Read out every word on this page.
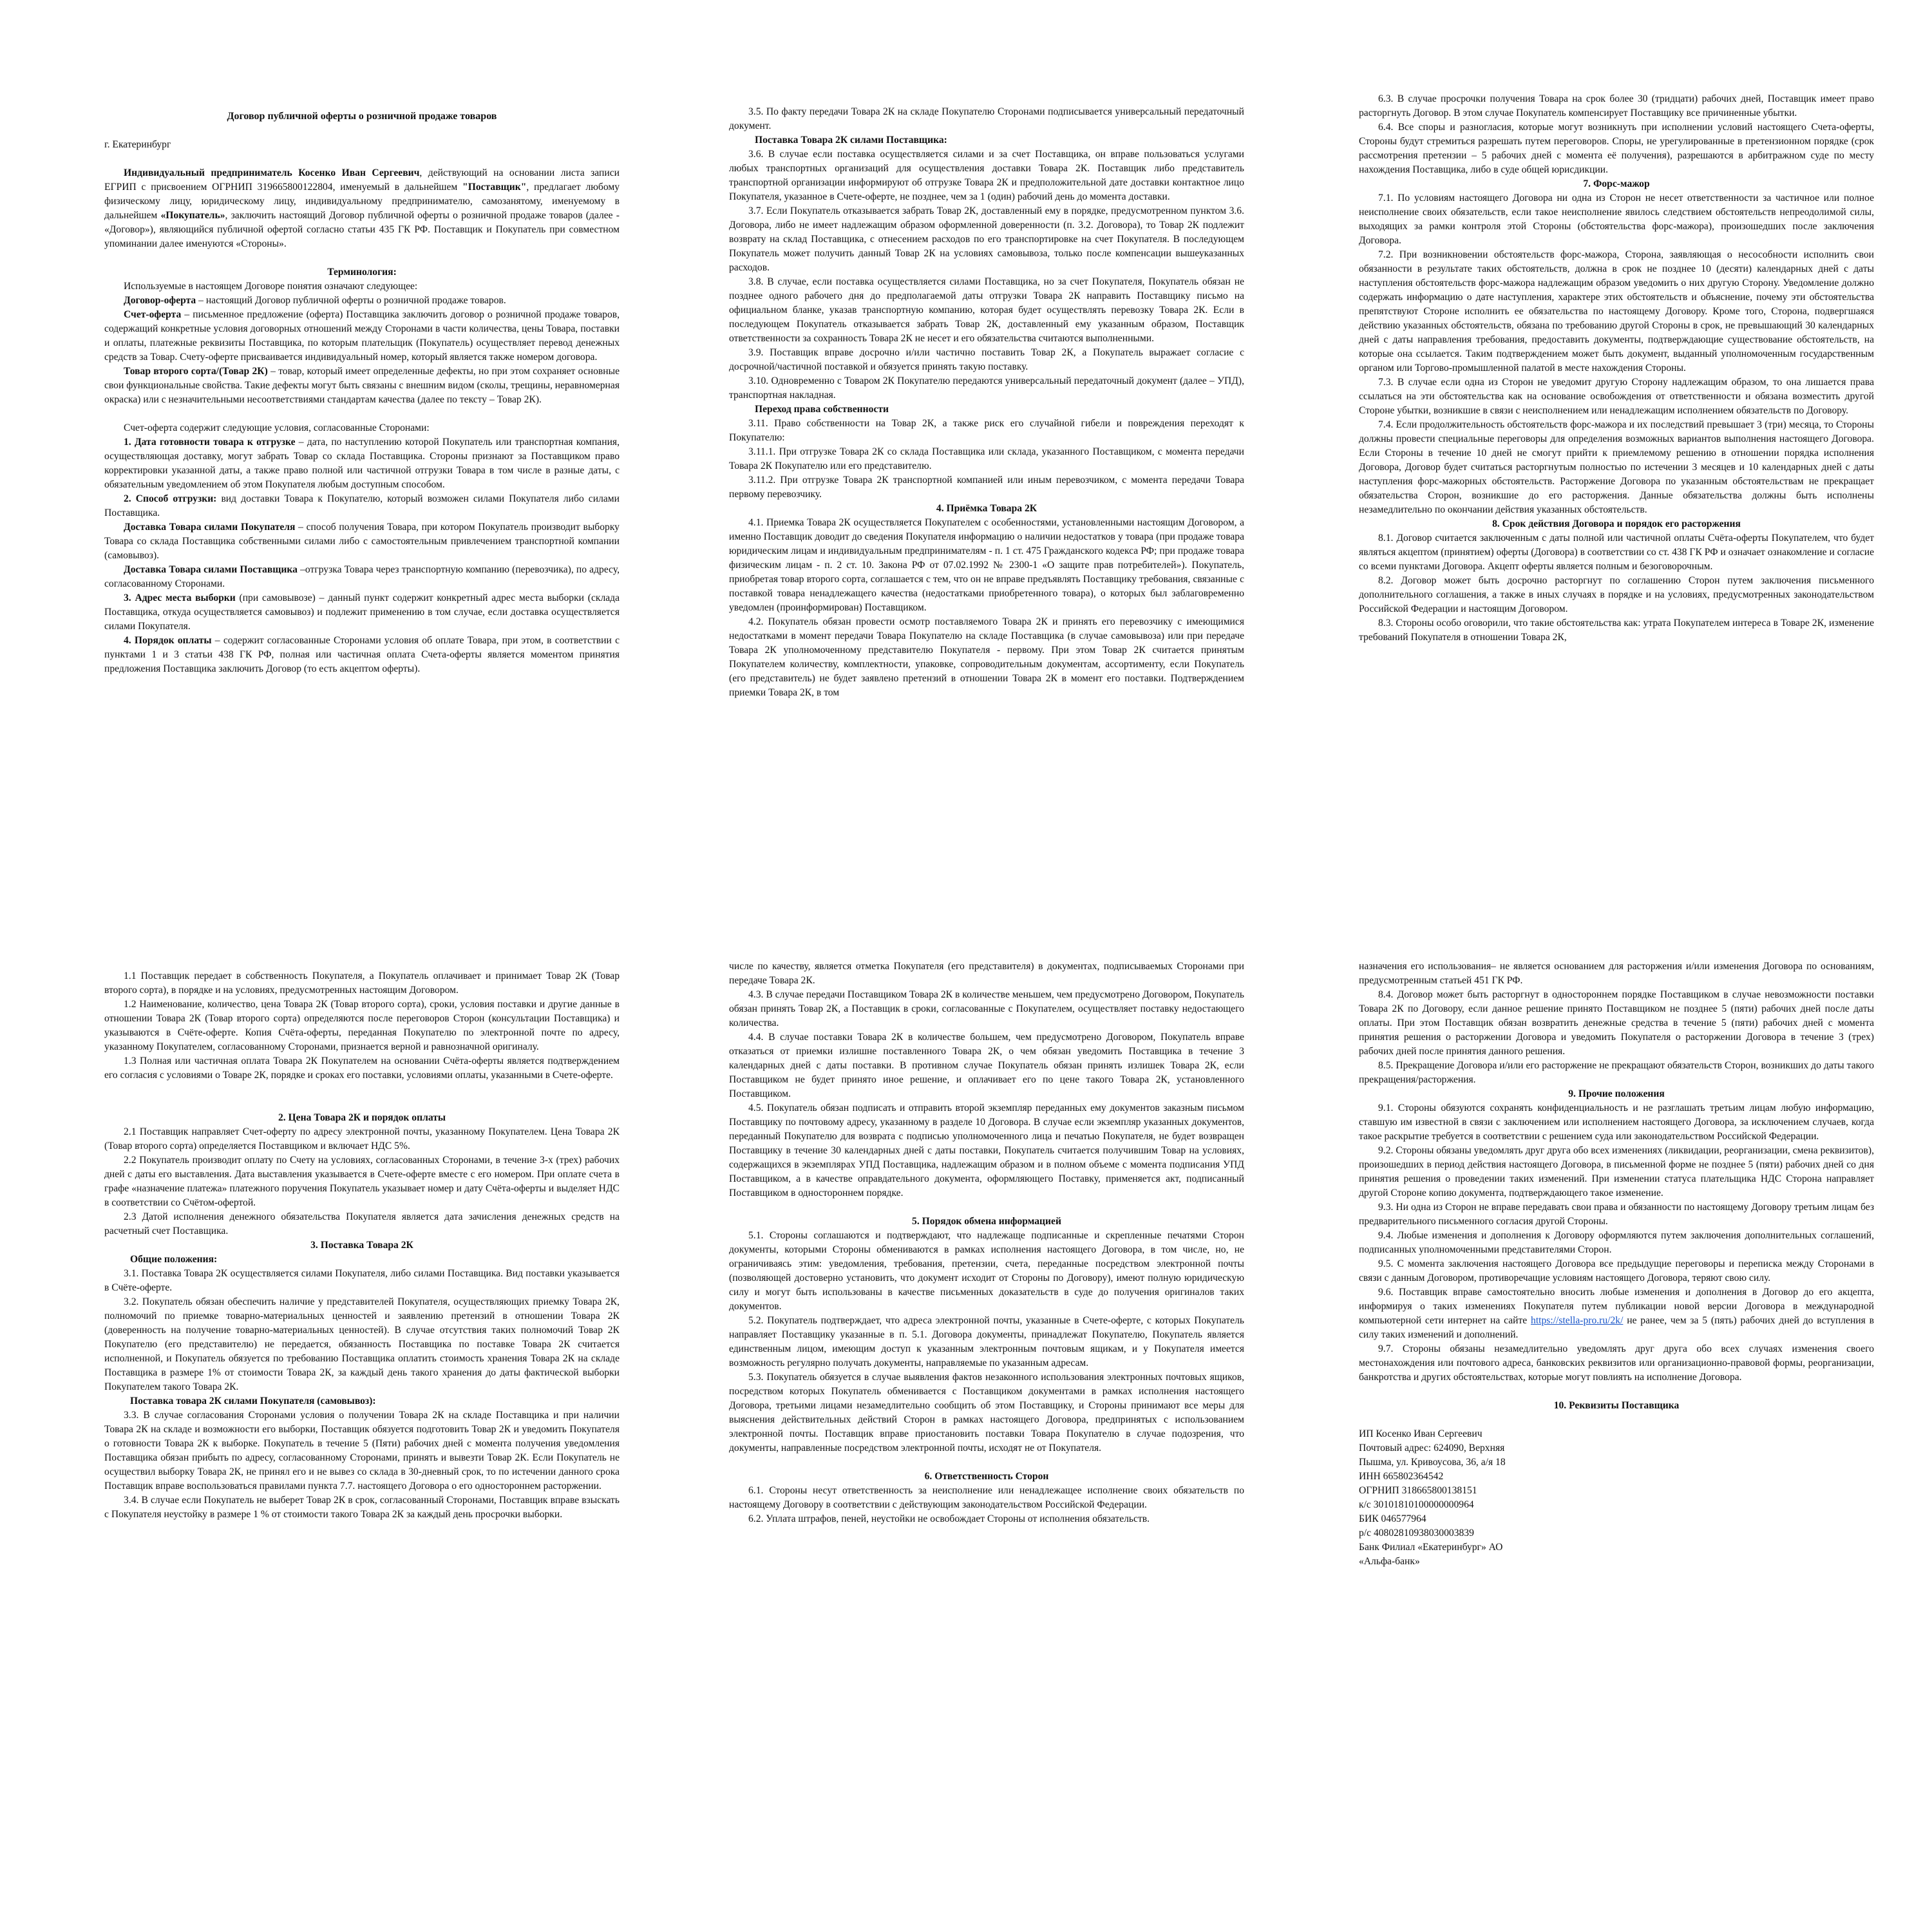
Договор публичной оферты о розничной продаже товаров

г. Екатеринбург

Индивидуальный предприниматель Косенко Иван Сергеевич, действующий на основании листа записи ЕГРИП с присвоением ОГРНИП 319665800122804, именуемый в дальнейшем "Поставщик", предлагает любому физическому лицу, юридическому лицу, индивидуальному предпринимателю, самозанятому, именуемому в дальнейшем «Покупатель», заключить настоящий Договор публичной оферты о розничной продаже товаров (далее - «Договор»), являющийся публичной офертой согласно статьи 435 ГК РФ. Поставщик и Покупатель при совместном упоминании далее именуются «Стороны».

Терминология:

Используемые в настоящем Договоре понятия означают следующее:

Договор-оферта – настоящий Договор публичной оферты о розничной продаже товаров.

Счет-оферта – письменное предложение (оферта) Поставщика заключить договор о розничной продаже товаров, содержащий конкретные условия договорных отношений между Сторонами в части количества, цены Товара, поставки и оплаты, платежные реквизиты Поставщика, по которым плательщик (Покупатель) осуществляет перевод денежных средств за Товар. Счету-оферте присваивается индивидуальный номер, который является также номером договора.

Товар второго сорта/(Товар 2К) – товар, который имеет определенные дефекты, но при этом сохраняет основные свои функциональные свойства. Такие дефекты могут быть связаны с внешним видом (сколы, трещины, неравномерная окраска) или с незначительными несоответствиями стандартам качества (далее по тексту – Товар 2К).

Счет-оферта содержит следующие условия, согласованные Сторонами:

1. Дата готовности товара к отгрузке – дата, по наступлению которой Покупатель или транспортная компания, осуществляющая доставку, могут забрать Товар со склада Поставщика. Стороны признают за Поставщиком право корректировки указанной даты, а также право полной или частичной отгрузки Товара в том числе в разные даты, с обязательным уведомлением об этом Покупателя любым доступным способом.

2. Способ отгрузки: вид доставки Товара к Покупателю, который возможен силами Покупателя либо силами Поставщика.

Доставка Товара силами Покупателя – способ получения Товара, при котором Покупатель производит выборку Товара со склада Поставщика собственными силами либо с самостоятельным привлечением транспортной компании (самовывоз).

Доставка Товара силами Поставщика –отгрузка Товара через транспортную компанию (перевозчика), по адресу, согласованному Сторонами.

3. Адрес места выборки (при самовывозе) – данный пункт содержит конкретный адрес места выборки (склада Поставщика, откуда осуществляется самовывоз) и подлежит применению в том случае, если доставка осуществляется силами Покупателя.

4. Порядок оплаты – содержит согласованные Сторонами условия об оплате Товара, при этом, в соответствии с пунктами 1 и 3 статьи 438 ГК РФ, полная или частичная оплата Счета-оферты является моментом принятия предложения Поставщика заключить Договор (то есть акцептом оферты).

3.5. По факту передачи Товара 2К на складе Покупателю Сторонами подписывается универсальный передаточный документ.

Поставка Товара 2К силами Поставщика:

3.6. В случае если поставка осуществляется силами и за счет Поставщика, он вправе пользоваться услугами любых транспортных организаций для осуществления доставки Товара 2К. Поставщик либо представитель транспортной организации информируют об отгрузке Товара 2К и предположительной дате доставки контактное лицо Покупателя, указанное в Счете-оферте, не позднее, чем за 1 (один) рабочий день до момента доставки.

3.7. Если Покупатель отказывается забрать Товар 2К, доставленный ему в порядке, предусмотренном пунктом 3.6. Договора, либо не имеет надлежащим образом оформленной доверенности (п. 3.2. Договора), то Товар 2К подлежит возврату на склад Поставщика, с отнесением расходов по его транспортировке на счет Покупателя. В последующем Покупатель может получить данный Товар 2К на условиях самовывоза, только после компенсации вышеуказанных расходов.

3.8. В случае, если поставка осуществляется силами Поставщика, но за счет Покупателя, Покупатель обязан не позднее одного рабочего дня до предполагаемой даты отгрузки Товара 2К направить Поставщику письмо на официальном бланке, указав транспортную компанию, которая будет осуществлять перевозку Товара 2К. Если в последующем Покупатель отказывается забрать Товар 2К, доставленный ему указанным образом, Поставщик ответственности за сохранность Товара 2К не несет и его обязательства считаются выполненными.

3.9. Поставщик вправе досрочно и/или частично поставить Товар 2К, а Покупатель выражает согласие с досрочной/частичной поставкой и обязуется принять такую поставку.

3.10. Одновременно с Товаром 2К Покупателю передаются универсальный передаточный документ (далее – УПД), транспортная накладная.

Переход права собственности

3.11. Право собственности на Товар 2К, а также риск его случайной гибели и повреждения переходят к Покупателю:

3.11.1. При отгрузке Товара 2К со склада Поставщика или склада, указанного Поставщиком, с момента передачи Товара 2К Покупателю или его представителю.

3.11.2. При отгрузке Товара 2К транспортной компанией или иным перевозчиком, с момента передачи Товара первому перевозчику.

4. Приёмка Товара 2К

4.1. Приемка Товара 2К осуществляется Покупателем с особенностями, установленными настоящим Договором, а именно Поставщик доводит до сведения Покупателя информацию о наличии недостатков у товара (при продаже товара юридическим лицам и индивидуальным предпринимателям - п. 1 ст. 475 Гражданского кодекса РФ; при продаже товара физическим лицам - п. 2 ст. 10. Закона РФ от 07.02.1992 № 2300-1 «О защите прав потребителей»). Покупатель, приобретая товар второго сорта, соглашается с тем, что он не вправе предъявлять Поставщику требования, связанные с поставкой товара ненадлежащего качества (недостатками приобретенного товара), о которых был заблаговременно уведомлен (проинформирован) Поставщиком.

4.2. Покупатель обязан провести осмотр поставляемого Товара 2К и принять его перевозчику с имеющимися недостатками в момент передачи Товара Покупателю на складе Поставщика (в случае самовывоза) или при передаче Товара 2К уполномоченному представителю Покупателя - первому. При этом Товар 2К считается принятым Покупателем количеству, комплектности, упаковке, сопроводительным документам, ассортименту, если Покупатель (его представитель) не будет заявлено претензий в отношении Товара 2К в момент его поставки. Подтверждением приемки Товара 2К, в том

6.3. В случае просрочки получения Товара на срок более 30 (тридцати) рабочих дней, Поставщик имеет право расторгнуть Договор. В этом случае Покупатель компенсирует Поставщику все причиненные убытки.

6.4. Все споры и разногласия, которые могут возникнуть при исполнении условий настоящего Счета-оферты, Стороны будут стремиться разрешать путем переговоров. Споры, не урегулированные в претензионном порядке (срок рассмотрения претензии – 5 рабочих дней с момента её получения), разрешаются в арбитражном суде по месту нахождения Поставщика, либо в суде общей юрисдикции.

7. Форс-мажор

7.1. По условиям настоящего Договора ни одна из Сторон не несет ответственности за частичное или полное неисполнение своих обязательств, если такое неисполнение явилось следствием обстоятельств непреодолимой силы, выходящих за рамки контроля этой Стороны (обстоятельства форс-мажора), произошедших после заключения Договора.

7.2. При возникновении обстоятельств форс-мажора, Сторона, заявляющая о несособности исполнить свои обязанности в результате таких обстоятельств, должна в срок не позднее 10 (десяти) календарных дней с даты наступления обстоятельств форс-мажора надлежащим образом уведомить о них другую Сторону. Уведомление должно содержать информацию о дате наступления, характере этих обстоятельств и объяснение, почему эти обстоятельства препятствуют Стороне исполнить ее обязательства по настоящему Договору. Кроме того, Сторона, подвергшаяся действию указанных обстоятельств, обязана по требованию другой Стороны в срок, не превышающий 30 календарных дней с даты направления требования, предоставить документы, подтверждающие существование обстоятельств, на которые она ссылается. Таким подтверждением может быть документ, выданный уполномоченным государственным органом или Торгово-промышленной палатой в месте нахождения Стороны.

7.3. В случае если одна из Сторон не уведомит другую Сторону надлежащим образом, то она лишается права ссылаться на эти обстоятельства как на основание освобождения от ответственности и обязана возместить другой Стороне убытки, возникшие в связи с неисполнением или ненадлежащим исполнением обязательств по Договору.

7.4. Если продолжительность обстоятельств форс-мажора и их последствий превышает 3 (три) месяца, то Стороны должны провести специальные переговоры для определения возможных вариантов выполнения настоящего Договора. Если Стороны в течение 10 дней не смогут прийти к приемлемому решению в отношении порядка исполнения Договора, Договор будет считаться расторгнутым полностью по истечении 3 месяцев и 10 календарных дней с даты наступления форс-мажорных обстоятельств. Расторжение Договора по указанным обстоятельствам не прекращает обязательства Сторон, возникшие до его расторжения. Данные обязательства должны быть исполнены незамедлительно по окончании действия указанных обстоятельств.

8. Срок действия Договора и порядок его расторжения

8.1. Договор считается заключенным с даты полной или частичной оплаты Счёта-оферты Покупателем, что будет являться акцептом (принятием) оферты (Договора) в соответствии со ст. 438 ГК РФ и означает ознакомление и согласие со всеми пунктами Договора. Акцепт оферты является полным и безоговорочным.

8.2. Договор может быть досрочно расторгнут по соглашению Сторон путем заключения письменного дополнительного соглашения, а также в иных случаях в порядке и на условиях, предусмотренных законодательством Российской Федерации и настоящим Договором.

8.3. Стороны особо оговорили, что такие обстоятельства как: утрата Покупателем интереса в Товаре 2К, изменение требований Покупателя в отношении Товара 2К,

1.1 Поставщик передает в собственность Покупателя, а Покупатель оплачивает и принимает Товар 2К (Товар второго сорта), в порядке и на условиях, предусмотренных настоящим Договором.

1.2 Наименование, количество, цена Товара 2К (Товар второго сорта), сроки, условия поставки и другие данные в отношении Товара 2К (Товар второго сорта) определяются после переговоров Сторон (консультации Поставщика) и указываются в Счёте-оферте. Копия Счёта-оферты, переданная Покупателю по электронной почте по адресу, указанному Покупателем, согласованному Сторонами, признается верной и равнозначной оригиналу.

1.3 Полная или частичная оплата Товара 2К Покупателем на основании Счёта-оферты является подтверждением его согласия с условиями о Товаре 2К, порядке и сроках его поставки, условиями оплаты, указанными в Счете-оферте.

2. Цена Товара 2К и порядок оплаты

2.1 Поставщик направляет Счет-оферту по адресу электронной почты, указанному Покупателем. Цена Товара 2К (Товар второго сорта) определяется Поставщиком и включает НДС 5%.

2.2 Покупатель производит оплату по Счету на условиях, согласованных Сторонами, в течение 3-х (трех) рабочих дней с даты его выставления. Дата выставления указывается в Счете-оферте вместе с его номером. При оплате счета в графе «назначение платежа» платежного поручения Покупатель указывает номер и дату Счёта-оферты и выделяет НДС в соответствии со Счётом-офертой.

2.3 Датой исполнения денежного обязательства Покупателя является дата зачисления денежных средств на расчетный счет Поставщика.

3. Поставка Товара 2К

Общие положения:

3.1. Поставка Товара 2К осуществляется силами Покупателя, либо силами Поставщика. Вид поставки указывается в Счёте-оферте.

3.2. Покупатель обязан обеспечить наличие у представителей Покупателя, осуществляющих приемку Товара 2К, полномочий по приемке товарно-материальных ценностей и заявлению претензий в отношении Товара 2К (доверенность на получение товарно-материальных ценностей). В случае отсутствия таких полномочий Товар 2К Покупателю (его представителю) не передается, обязанность Поставщика по поставке Товара 2К считается исполненной, и Покупатель обязуется по требованию Поставщика оплатить стоимость хранения Товара 2К на складе Поставщика в размере 1% от стоимости Товара 2К, за каждый день такого хранения до даты фактической выборки Покупателем такого Товара 2К.

Поставка товара 2К силами Покупателя (самовывоз):

3.3. В случае согласования Сторонами условия о получении Товара 2К на складе Поставщика и при наличии Товара 2К на складе и возможности его выборки, Поставщик обязуется подготовить Товар 2К и уведомить Покупателя о готовности Товара 2К к выборке. Покупатель в течение 5 (Пяти) рабочих дней с момента получения уведомления Поставщика обязан прибыть по адресу, согласованному Сторонами, принять и вывезти Товар 2К. Если Покупатель не осуществил выборку Товара 2К, не принял его и не вывез со склада в 30-дневный срок, то по истечении данного срока Поставщик вправе воспользоваться правилами пункта 7.7. настоящего Договора о его одностороннем расторжении.

3.4. В случае если Покупатель не выберет Товар 2К в срок, согласованный Сторонами, Поставщик вправе взыскать с Покупателя неустойку в размере 1 % от стоимости такого Товара 2К за каждый день просрочки выборки.

числе по качеству, является отметка Покупателя (его представителя) в документах, подписываемых Сторонами при передаче Товара 2К.

4.3. В случае передачи Поставщиком Товара 2К в количестве меньшем, чем предусмотрено Договором, Покупатель обязан принять Товар 2К, а Поставщик в сроки, согласованные с Покупателем, осуществляет поставку недостающего количества.

4.4. В случае поставки Товара 2К в количестве большем, чем предусмотрено Договором, Покупатель вправе отказаться от приемки излишне поставленного Товара 2К, о чем обязан уведомить Поставщика в течение 3 календарных дней с даты поставки. В противном случае Покупатель обязан принять излишек Товара 2К, если Поставщиком не будет принято иное решение, и оплачивает его по цене такого Товара 2К, установленного Поставщиком.

4.5. Покупатель обязан подписать и отправить второй экземпляр переданных ему документов заказным письмом Поставщику по почтовому адресу, указанному в разделе 10 Договора. В случае если экземпляр указанных документов, переданный Покупателю для возврата с подписью уполномоченного лица и печатью Покупателя, не будет возвращен Поставщику в течение 30 календарных дней с даты поставки, Покупатель считается получившим Товар на условиях, содержащихся в экземплярах УПД Поставщика, надлежащим образом и в полном объеме с момента подписания УПД Поставщиком, а в качестве оправдательного документа, оформляющего Поставку, применяется акт, подписанный Поставщиком в одностороннем порядке.

5. Порядок обмена информацией

5.1. Стороны соглашаются и подтверждают, что надлежаще подписанные и скрепленные печатями Сторон документы, которыми Стороны обмениваются в рамках исполнения настоящего Договора, в том числе, но, не ограничиваясь этим: уведомления, требования, претензии, счета, переданные посредством электронной почты (позволяющей достоверно установить, что документ исходит от Стороны по Договору), имеют полную юридическую силу и могут быть использованы в качестве письменных доказательств в суде до получения оригиналов таких документов.

5.2. Покупатель подтверждает, что адреса электронной почты, указанные в Счете-оферте, с которых Покупатель направляет Поставщику указанные в п. 5.1. Договора документы, принадлежат Покупателю, Покупатель является единственным лицом, имеющим доступ к указанным электронным почтовым ящикам, и у Покупателя имеется возможность регулярно получать документы, направляемые по указанным адресам.

5.3. Покупатель обязуется в случае выявления фактов незаконного использования электронных почтовых ящиков, посредством которых Покупатель обменивается с Поставщиком документами в рамках исполнения настоящего Договора, третьими лицами незамедлительно сообщить об этом Поставщику, и Стороны принимают все меры для выяснения действительных действий Сторон в рамках настоящего Договора, предпринятых с использованием электронной почты. Поставщик вправе приостановить поставки Товара Покупателю в случае подозрения, что документы, направленные посредством электронной почты, исходят не от Покупателя.

6. Ответственность Сторон

6.1. Стороны несут ответственность за неисполнение или ненадлежащее исполнение своих обязательств по настоящему Договору в соответствии с действующим законодательством Российской Федерации.

6.2. Уплата штрафов, пеней, неустойки не освобождает Стороны от исполнения обязательств.

назначения его использования– не является основанием для расторжения и/или изменения Договора по основаниям, предусмотренным статьей 451 ГК РФ.

8.4. Договор может быть расторгнут в одностороннем порядке Поставщиком в случае невозможности поставки Товара 2К по Договору, если данное решение принято Поставщиком не позднее 5 (пяти) рабочих дней после даты оплаты. При этом Поставщик обязан возвратить денежные средства в течение 5 (пяти) рабочих дней с момента принятия решения о расторжении Договора и уведомить Покупателя о расторжении Договора в течение 3 (трех) рабочих дней после принятия данного решения.

8.5. Прекращение Договора и/или его расторжение не прекращают обязательств Сторон, возникших до даты такого прекращения/расторжения.

9. Прочие положения

9.1. Стороны обязуются сохранять конфиденциальность и не разглашать третьим лицам любую информацию, ставшую им известной в связи с заключением или исполнением настоящего Договора, за исключением случаев, когда такое раскрытие требуется в соответствии с решением суда или законодательством Российской Федерации.

9.2. Стороны обязаны уведомлять друг друга обо всех изменениях (ликвидации, реорганизации, смена реквизитов), произошедших в период действия настоящего Договора, в письменной форме не позднее 5 (пяти) рабочих дней со дня принятия решения о проведении таких изменений. При изменении статуса плательщика НДС Сторона направляет другой Стороне копию документа, подтверждающего такое изменение.

9.3. Ни одна из Сторон не вправе передавать свои права и обязанности по настоящему Договору третьим лицам без предварительного письменного согласия другой Стороны.

9.4. Любые изменения и дополнения к Договору оформляются путем заключения дополнительных соглашений, подписанных уполномоченными представителями Сторон.

9.5. С момента заключения настоящего Договора все предыдущие переговоры и переписка между Сторонами в связи с данным Договором, противоречащие условиям настоящего Договора, теряют свою силу.

9.6. Поставщик вправе самостоятельно вносить любые изменения и дополнения в Договор до его акцепта, информируя о таких изменениях Покупателя путем публикации новой версии Договора в международной компьютерной сети интернет на сайте https://stella-pro.ru/2k/ не ранее, чем за 5 (пять) рабочих дней до вступления в силу таких изменений и дополнений.

9.7. Стороны обязаны незамедлительно уведомлять друг друга обо всех случаях изменения своего местонахождения или почтового адреса, банковских реквизитов или организационно-правовой формы, реорганизации, банкротства и других обстоятельствах, которые могут повлиять на исполнение Договора.

10. Реквизиты Поставщика

ИП Косенко Иван Сергеевич

Почтовый адрес: 624090, Верхняя

Пышма, ул. Кривоусова, 36, а/я 18

ИНН 665802364542

ОГРНИП 318665800138151

к/с 30101810100000000964

БИК 046577964

р/с 40802810938030003839

Банк Филиал «Екатеринбург» АО

«Альфа-банк»
